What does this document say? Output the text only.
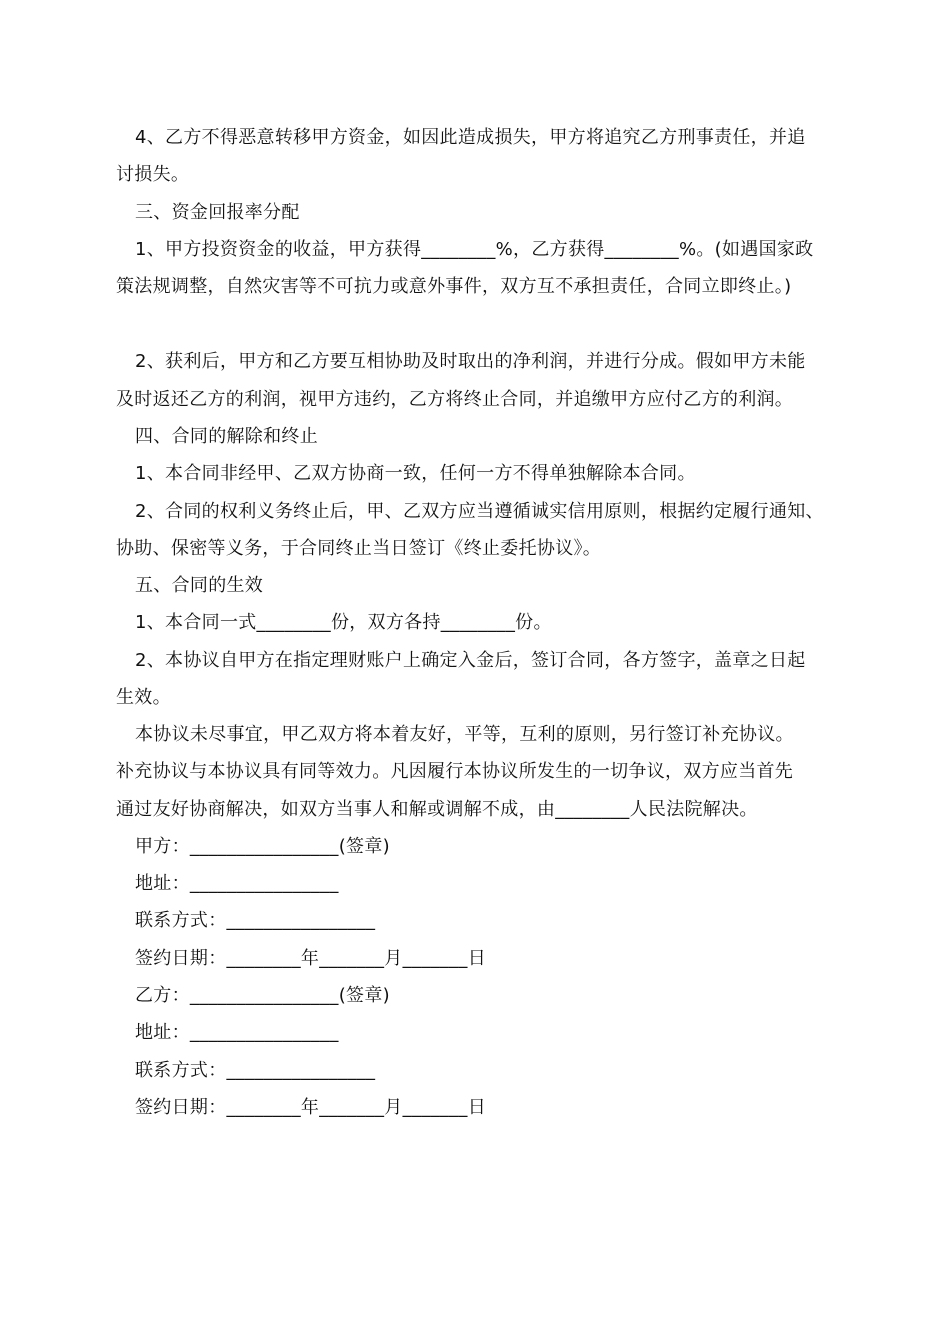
4、乙方不得恶意转移甲方资金，如因此造成损失，甲方将追究乙方刑事责任，并追
讨损失。
三、资金回报率分配
1、甲方投资资金的收益，甲方获得________%，乙方获得________%。(如遇国家政
策法规调整，自然灾害等不可抗力或意外事件，双方互不承担责任，合同立即终止。)
2、获利后，甲方和乙方要互相协助及时取出的净利润，并进行分成。假如甲方未能
及时返还乙方的利润，视甲方违约，乙方将终止合同，并追缴甲方应付乙方的利润。
四、合同的解除和终止
1、本合同非经甲、乙双方协商一致，任何一方不得单独解除本合同。
2、合同的权利义务终止后，甲、乙双方应当遵循诚实信用原则，根据约定履行通知、
协助、保密等义务，于合同终止当日签订《终止委托协议》。
五、合同的生效
1、本合同一式________份，双方各持________份。
2、本协议自甲方在指定理财账户上确定入金后，签订合同，各方签字，盖章之日起
生效。
本协议未尽事宜，甲乙双方将本着友好，平等，互利的原则，另行签订补充协议。
补充协议与本协议具有同等效力。凡因履行本协议所发生的一切争议，双方应当首先
通过友好协商解决，如双方当事人和解或调解不成，由________人民法院解决。
甲方：________________(签章)
地址：________________
联系方式：________________
签约日期：________年_______月_______日
乙方：________________(签章)
地址：________________
联系方式：________________
签约日期：________年_______月_______日
